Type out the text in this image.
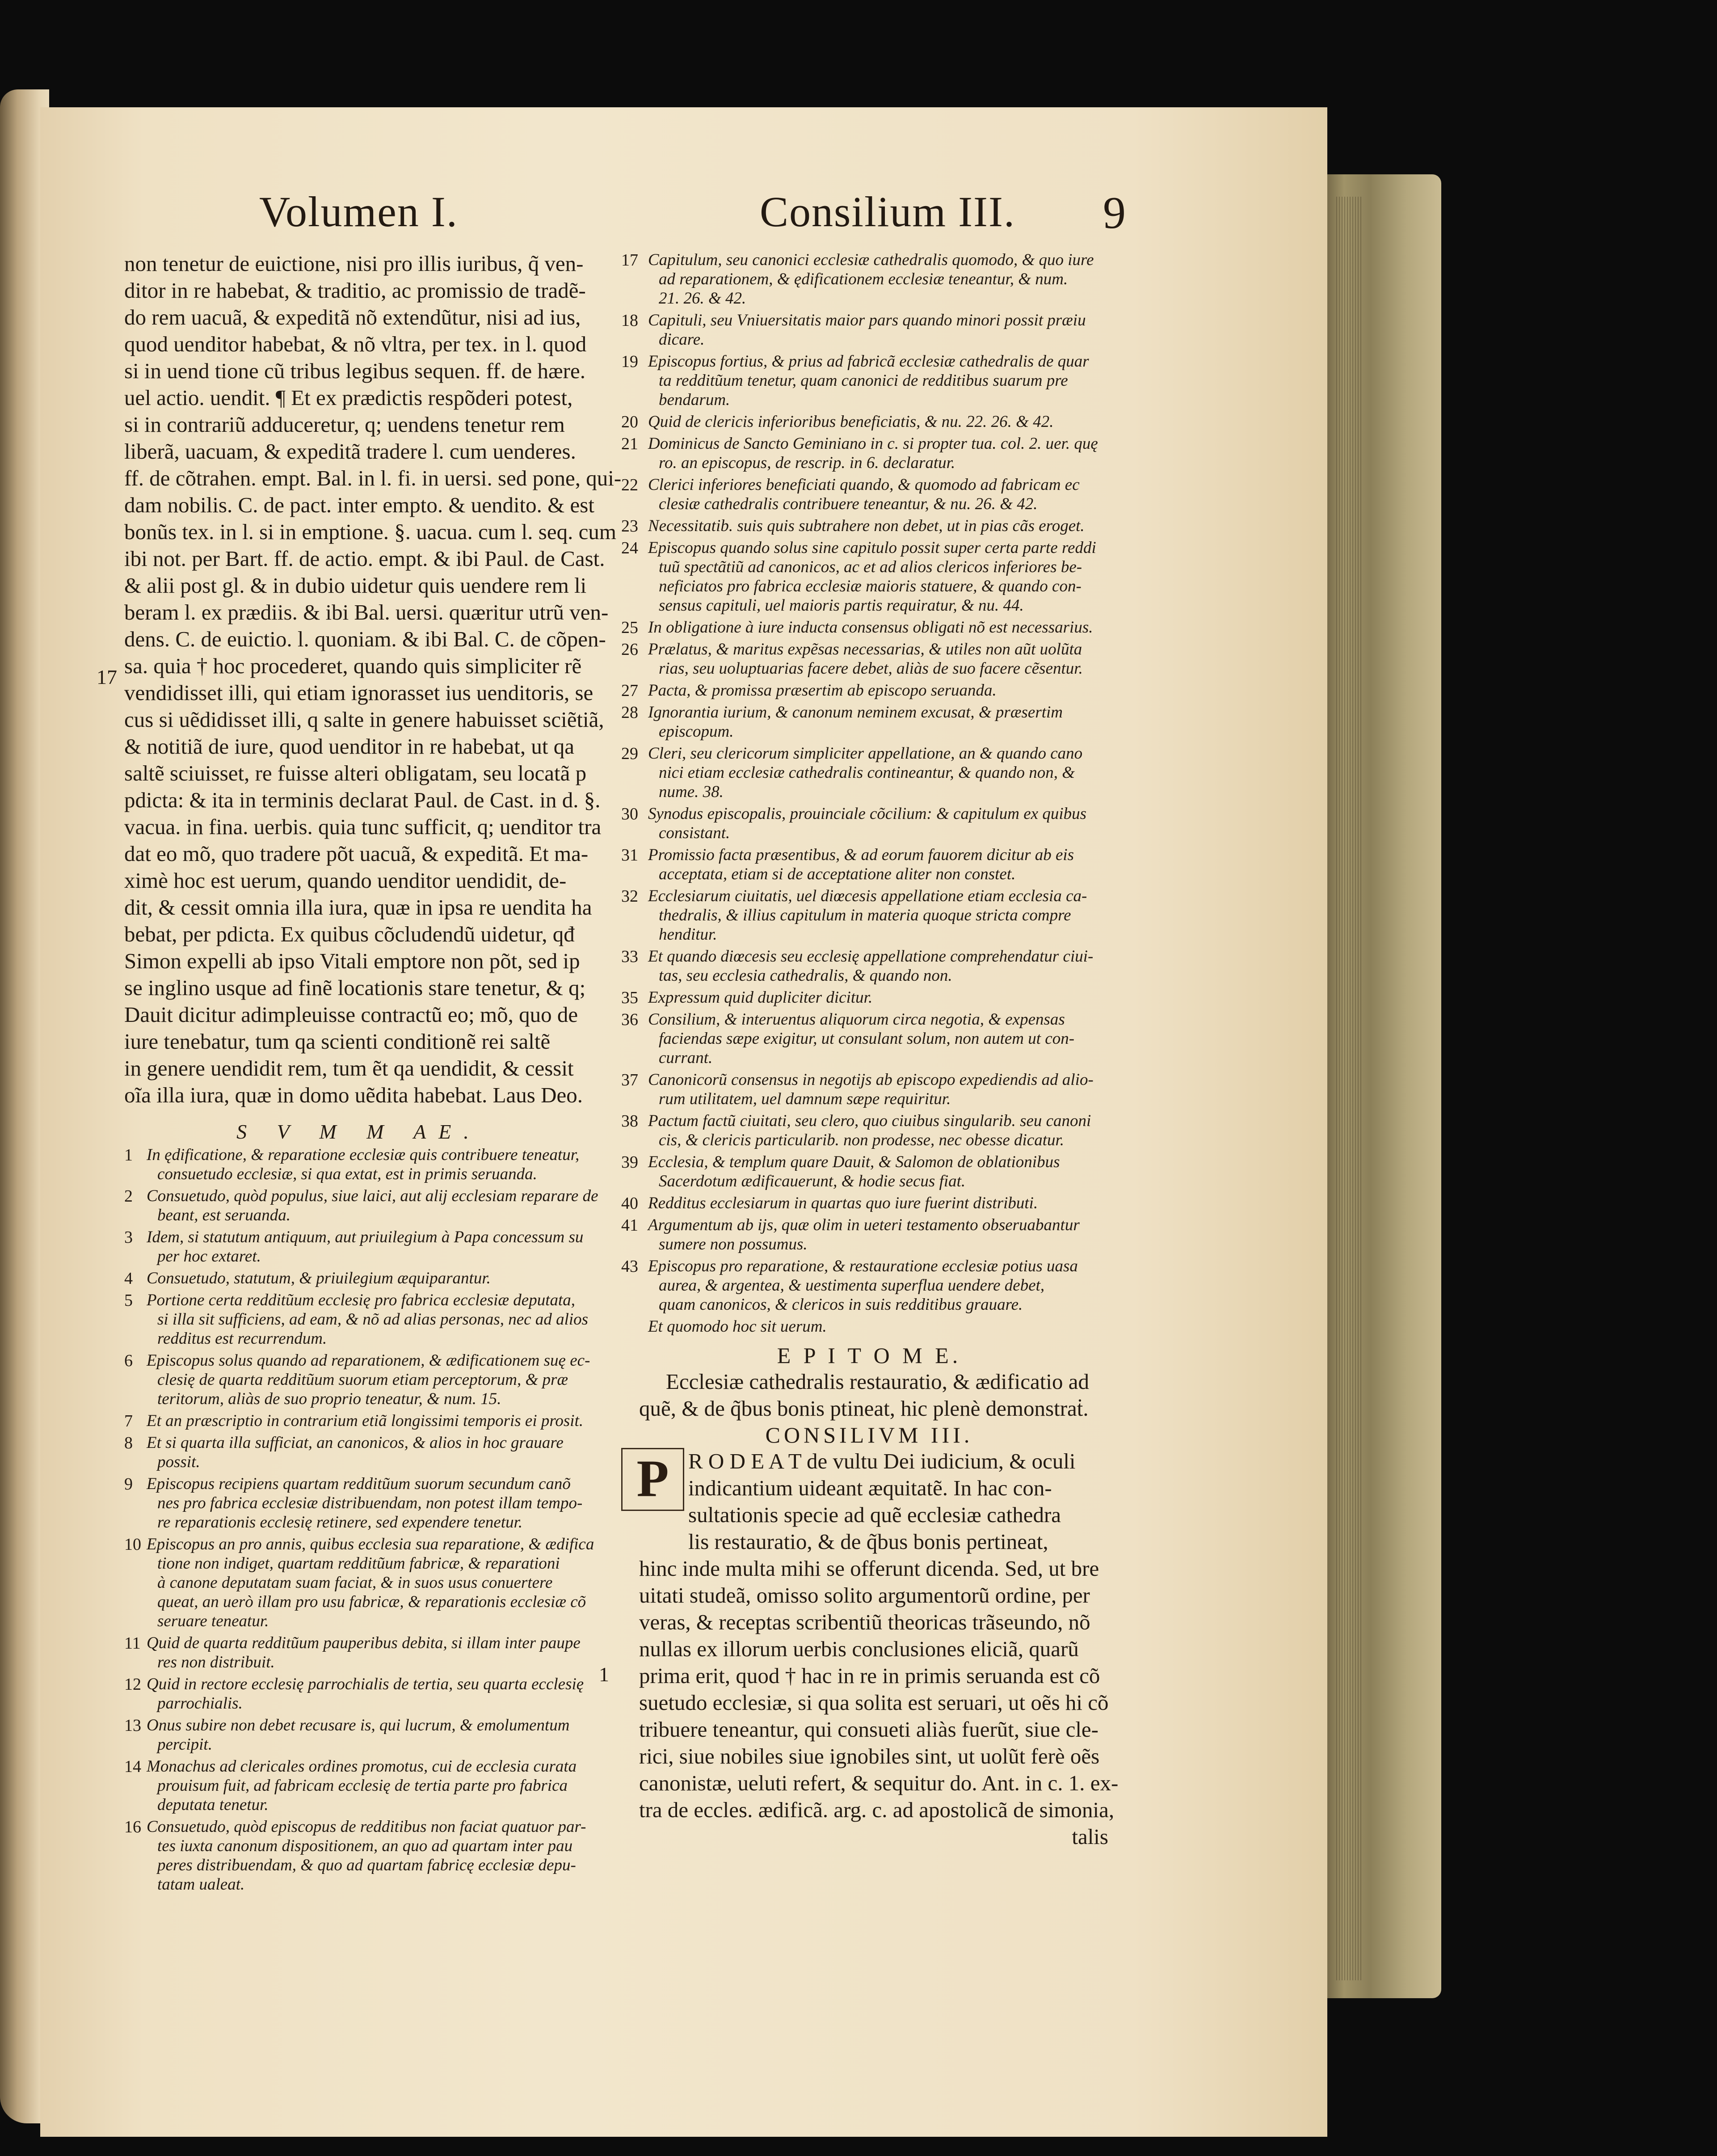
Volumen I.	Consilium III. 9
non tenetur de euictione, nisi pro illis iuribus, q̃ ven-
ditor in re habebat, & traditio, ac promissio de tradẽ-
do rem uacuã, & expeditã nõ extendũtur, nisi ad ius,
quod uenditor habebat, & nõ vltra, per tex. in l. quod
si in uend tione cũ tribus legibus sequen. ff. de hære.
uel actio. uendit. ¶ Et ex prædictis respõderi potest,
si in contrariũ adduceretur, q; uendens tenetur rem
liberã, uacuam, & expeditã tradere l. cum uenderes.
ff. de cõtrahen. empt. Bal. in l. fi. in uersi. sed pone, qui-
dam nobilis. C. de pact. inter empto. & uendito. & est
bonũs tex. in l. si in emptione. §. uacua. cum l. seq. cum
ibi not. per Bart. ff. de actio. empt. & ibi Paul. de Cast.
& alii post gl. & in dubio uidetur quis uendere rem li
beram l. ex prædiis. & ibi Bal. uersi. quæritur utrũ ven-
dens. C. de euictio. l. quoniam. & ibi Bal. C. de cõpen-
sa. quia † hoc procederet, quando quis simpliciter rẽ
vendidisset illi, qui etiam ignorasset ius uenditoris, se
cus si uẽdidisset illi, q salte in genere habuisset sciẽtiã,
& notitiã de iure, quod uenditor in re habebat, ut qa
saltẽ sciuisset, re fuisse alteri obligatam, seu locatã p
pdicta: & ita in terminis declarat Paul. de Cast. in d. §.
vacua. in fina. uerbis. quia tunc sufficit, q; uenditor tra
dat eo mõ, quo tradere põt uacuã, & expeditã. Et ma-
ximè hoc est uerum, quando uenditor uendidit, de-
dit, & cessit omnia illa iura, quæ in ipsa re uendita ha
bebat, per pdicta. Ex quibus cõcludendũ uidetur, qđ
Simon expelli ab ipso Vitali emptore non põt, sed ip
se inglino usque ad finẽ locationis stare tenetur, & q;
Dauit dicitur adimpleuisse contractũ eo; mõ, quo de
iure tenebatur, tum qa scienti conditionẽ rei saltẽ
in genere uendidit rem, tum ẽt qa uendidit, & cessit
oĩa illa iura, quæ in domo uẽdita habebat. Laus Deo.
17
S V M M AE.
1 In ędificatione, & reparatione ecclesiæ quis contribuere teneatur,
consuetudo ecclesiæ, si qua extat, est in primis seruanda.
2 Consuetudo, quòd populus, siue laici, aut alij ecclesiam reparare de
beant, est seruanda.
3 Idem, si statutum antiquum, aut priuilegium à Papa concessum su
per hoc extaret.
4 Consuetudo, statutum, & priuilegium æquiparantur.
5 Portione certa redditũum ecclesię pro fabrica ecclesiæ deputata,
si illa sit sufficiens, ad eam, & nõ ad alias personas, nec ad alios
redditus est recurrendum.
6 Episcopus solus quando ad reparationem, & ædificationem suę ec-
clesię de quarta redditũum suorum etiam perceptorum, & præ
teritorum, aliàs de suo proprio teneatur, & num. 15.
7 Et an præscriptio in contrarium etiã longissimi temporis ei prosit.
8 Et si quarta illa sufficiat, an canonicos, & alios in hoc grauare
possit.
9 Episcopus recipiens quartam redditũum suorum secundum canõ
nes pro fabrica ecclesiæ distribuendam, non potest illam tempo-
re reparationis ecclesię retinere, sed expendere tenetur.
10 Episcopus an pro annis, quibus ecclesia sua reparatione, & ædifica
tione non indiget, quartam redditũum fabricæ, & reparationi
à canone deputatam suam faciat, & in suos usus conuertere
queat, an uerò illam pro usu fabricæ, & reparationis ecclesiæ cõ
seruare teneatur.
11 Quid de quarta redditũum pauperibus debita, si illam inter paupe
res non distribuit.
12 Quid in rectore ecclesię parrochialis de tertia, seu quarta ecclesię
parrochialis.
13 Onus subire non debet recusare is, qui lucrum, & emolumentum
percipit.
14 Monachus ad clericales ordines promotus, cui de ecclesia curata
prouisum fuit, ad fabricam ecclesię de tertia parte pro fabrica
deputata tenetur.
16 Consuetudo, quòd episcopus de redditibus non faciat quatuor par-
tes iuxta canonum dispositionem, an quo ad quartam inter pau
peres distribuendam, & quo ad quartam fabricę ecclesiæ depu-
tatam ualeat.
17 Capitulum, seu canonici ecclesiæ cathedralis quomodo, & quo iure
ad reparationem, & ędificationem ecclesiæ teneantur, & num.
21. 26. & 42.
18 Capituli, seu Vniuersitatis maior pars quando minori possit præiu
dicare.
19 Episcopus fortius, & prius ad fabricã ecclesiæ cathedralis de quar
ta redditũum tenetur, quam canonici de redditibus suarum pre
bendarum.
20 Quid de clericis inferioribus beneficiatis, & nu. 22. 26. & 42.
21 Dominicus de Sancto Geminiano in c. si propter tua. col. 2. uer. quę
ro. an episcopus, de rescrip. in 6. declaratur.
22 Clerici inferiores beneficiati quando, & quomodo ad fabricam ec
clesiæ cathedralis contribuere teneantur, & nu. 26. & 42.
23 Necessitatib. suis quis subtrahere non debet, ut in pias cãs eroget.
24 Episcopus quando solus sine capitulo possit super certa parte reddi
tuũ spectãtiũ ad canonicos, ac et ad alios clericos inferiores be-
neficiatos pro fabrica ecclesiæ maioris statuere, & quando con-
sensus capituli, uel maioris partis requiratur, & nu. 44.
25 In obligatione à iure inducta consensus obligati nõ est necessarius.
26 Prælatus, & maritus expẽsas necessarias, & utiles non aũt uolũta
rias, seu uoluptuarias facere debet, aliàs de suo facere cẽsentur.
27 Pacta, & promissa præsertim ab episcopo seruanda.
28 Ignorantia iurium, & canonum neminem excusat, & præsertim
episcopum.
29 Cleri, seu clericorum simpliciter appellatione, an & quando cano
nici etiam ecclesiæ cathedralis contineantur, & quando non, &
nume. 38.
30 Synodus episcopalis, prouinciale cõcilium: & capitulum ex quibus
consistant.
31 Promissio facta præsentibus, & ad eorum fauorem dicitur ab eis
acceptata, etiam si de acceptatione aliter non constet.
32 Ecclesiarum ciuitatis, uel diœcesis appellatione etiam ecclesia ca-
thedralis, & illius capitulum in materia quoque stricta compre
henditur.
33 Et quando diœcesis seu ecclesię appellatione comprehendatur ciui-
tas, seu ecclesia cathedralis, & quando non.
35 Expressum quid dupliciter dicitur.
36 Consilium, & interuentus aliquorum circa negotia, & expensas
faciendas sæpe exigitur, ut consulant solum, non autem ut con-
currant.
37 Canonicorũ consensus in negotijs ab episcopo expediendis ad alio-
rum utilitatem, uel damnum sæpe requiritur.
38 Pactum factũ ciuitati, seu clero, quo ciuibus singularib. seu canoni
cis, & clericis particularib. non prodesse, nec obesse dicatur.
39 Ecclesia, & templum quare Dauit, & Salomon de oblationibus
Sacerdotum ædificauerunt, & hodie secus fiat.
40 Redditus ecclesiarum in quartas quo iure fuerint distributi.
41 Argumentum ab ijs, quæ olim in ueteri testamento obseruabantur
sumere non possumus.
43 Episcopus pro reparatione, & restauratione ecclesiæ potius uasa
aurea, & argentea, & uestimenta superflua uendere debet,
quam canonicos, & clericos in suis redditibus grauare.
Et quomodo hoc sit uerum.
E P I T O M E.
Ecclesiæ cathedralis restauratio, & ædificatio ad
quẽ, & de q̃bus bonis ptineat, hic plenè demonstraṫ.
CONSILIVM III.
P R O D E A T de vultu Dei iudicium, & oculi
indicantium uideant æquitatẽ. In hac con-
sultationis specie ad quẽ ecclesiæ cathedra
lis restauratio, & de q̃bus bonis pertineat,
hinc inde multa mihi se offerunt dicenda. Sed, ut bre
uitati studeã, omisso solito argumentorũ ordine, per
veras, & receptas scribentiũ theoricas trãseundo, nõ
nullas ex illorum uerbis conclusiones eliciã, quarũ
prima erit, quod † hac in re in primis seruanda est cõ
suetudo ecclesiæ, si qua solita est seruari, ut oẽs hi cõ
tribuere teneantur, qui consueti aliàs fuerũt, siue cle-
rici, siue nobiles siue ignobiles sint, ut uolũt ferè oẽs
canonistæ, ueluti refert, & sequitur do. Ant. in c. 1. ex-
tra de eccles. ædificã. arg. c. ad apostolicã de simonia,
talis
1
